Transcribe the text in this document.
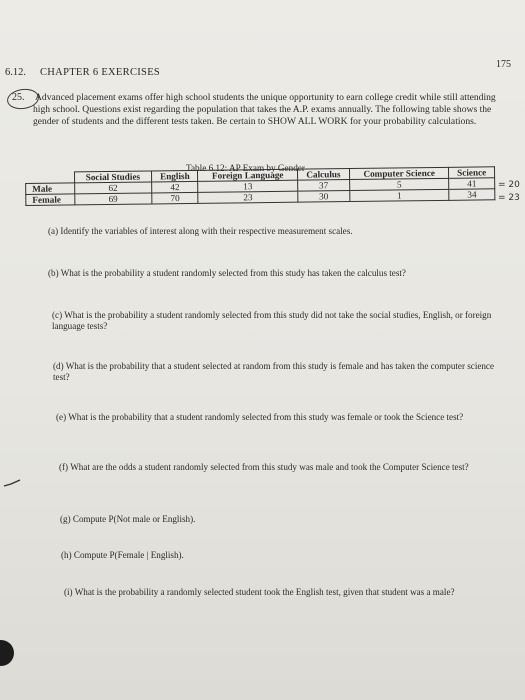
175
6.12. CHAPTER 6 EXERCISES
25. Advanced placement exams offer high school students the unique opportunity to earn college credit while still attending high school. Questions exist regarding the population that takes the A.P. exams annually. The following table shows the gender of students and the different tests taken. Be certain to SHOW ALL WORK for your probability calculations.
Table 6.12: AP Exam by Gender
	Social Studies	English	Foreign Language	Calculus	Computer Science	Science
Male	62	42	13	37	5	41
Female	69	70	23	30	1	34
= 20
= 23
(a) Identify the variables of interest along with their respective measurement scales.
(b) What is the probability a student randomly selected from this study has taken the calculus test?
(c) What is the probability a student randomly selected from this study did not take the social studies, English, or foreign language tests?
(d) What is the probability that a student selected at random from this study is female and has taken the computer science test?
(e) What is the probability that a student randomly selected from this study was female or took the Science test?
(f) What are the odds a student randomly selected from this study was male and took the Computer Science test?
(g) Compute P(Not male or English).
(h) Compute P(Female | English).
(i) What is the probability a randomly selected student took the English test, given that student was a male?
